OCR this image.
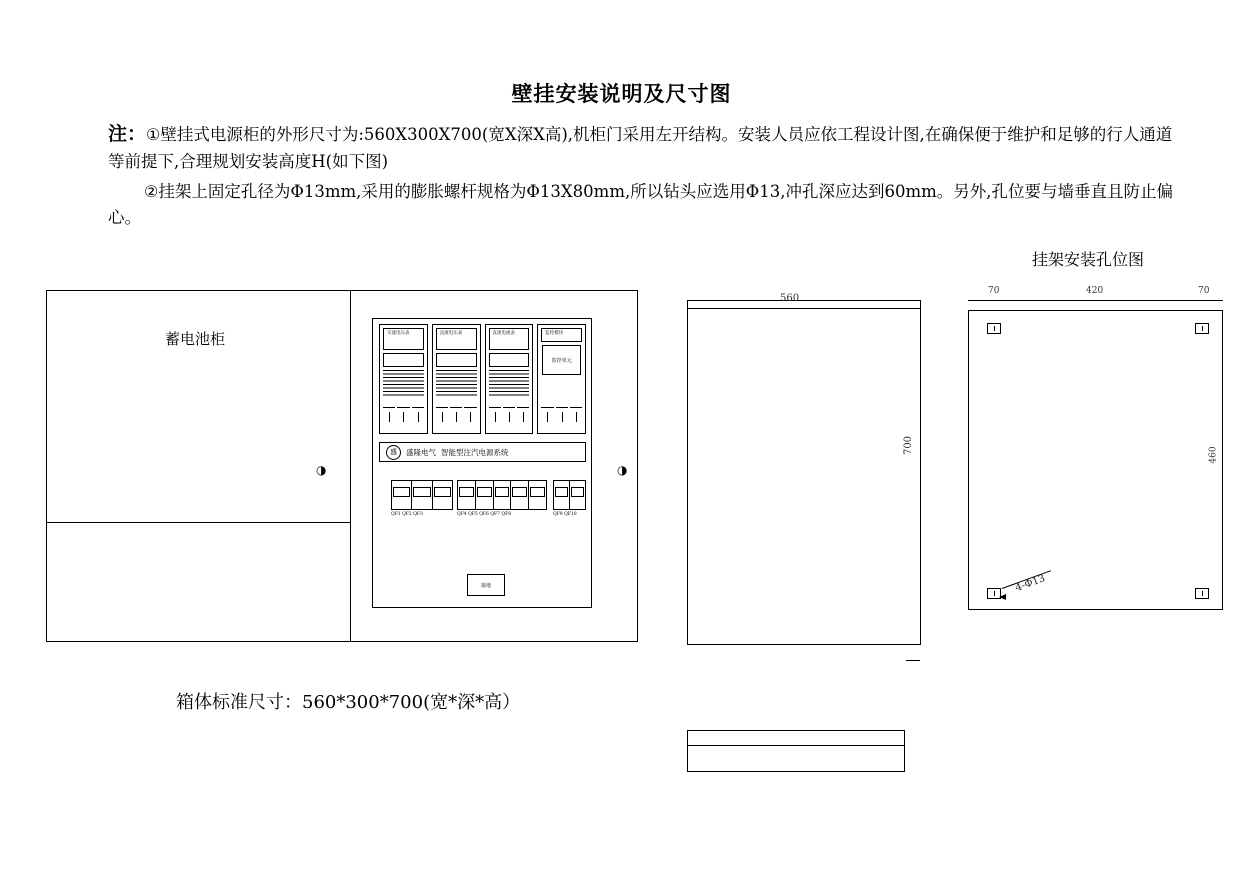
壁挂安装说明及尺寸图
注：①壁挂式电源柜的外形尺寸为:560X300X700(宽X深X高),机柜门采用左开结构。安装人员应依工程设计图,在确保便于维护和足够的行人通道等前提下,合理规划安装高度H(如下图)
②挂架上固定孔径为Φ13mm,采用的膨胀螺杆规格为Φ13X80mm,所以钻头应选用Φ13,冲孔深应达到60mm。另外,孔位要与墙垂直且防止偏心。
蓄电池柜
◑	◑
交流电压表	直流电压表	直流电流表	监控模块
监控单元
盛	盛隆电气 智能型注汽电源系统
QF1 QF2 QF3	QF4 QF5 QF6 QF7 QF8	QF9 QF10
接地
箱体标准尺寸：560*300*700(宽*深*高）
560
700
挂架安装孔位图
70	420	70
460
4-Φ13
